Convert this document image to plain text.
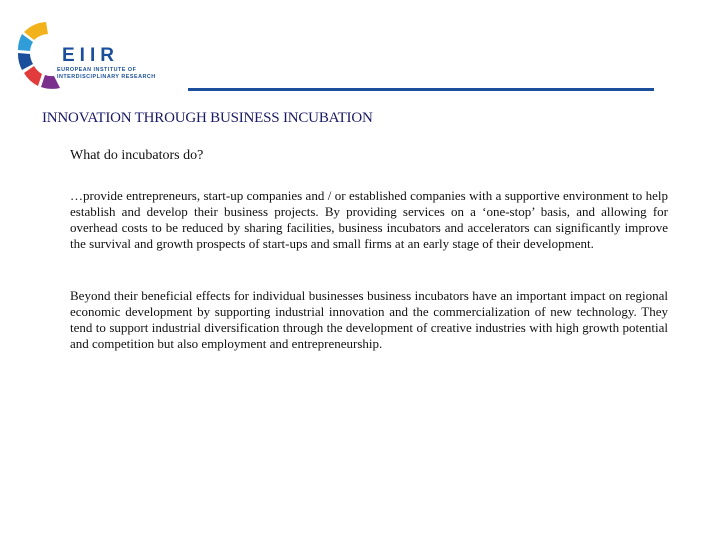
EIIR
EUROPEAN INSTITUTE OF INTERDISCIPLINARY RESEARCH
INNOVATION THROUGH BUSINESS INCUBATION
What do incubators do?

…provide entrepreneurs, start-up companies and / or established companies with a supportive environment to help establish and develop their business projects. By providing services on a ‘one-stop’ basis, and allowing for overhead costs to be reduced by sharing facilities, business incubators and accelerators can significantly improve the survival and growth prospects of start-ups and small firms at an early stage of their development.

Beyond their beneficial effects for individual businesses business incubators have an important impact on regional economic development by supporting industrial innovation and the commercialization of new technology. They tend to support industrial diversification through the development of creative industries with high growth potential and competition but also employment and entrepreneurship.
